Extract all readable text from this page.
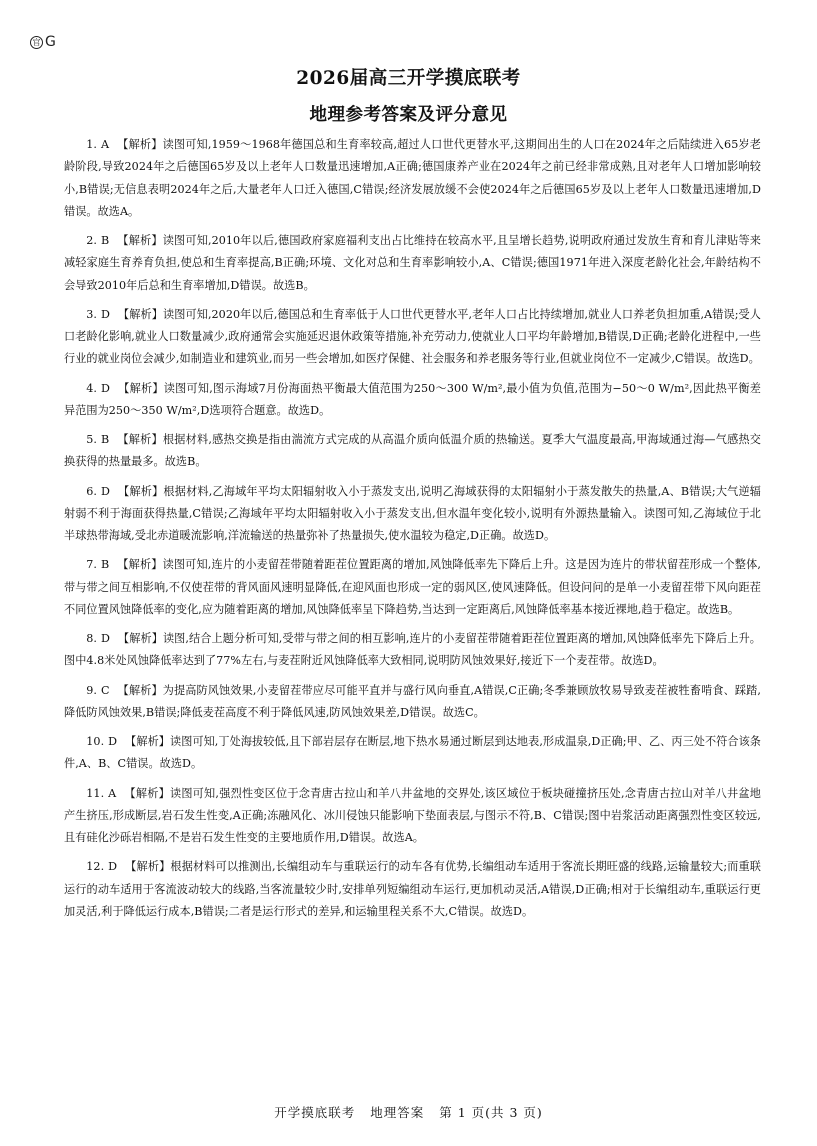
官 G
2026届高三开学摸底联考
地理参考答案及评分意见

1. A 【解析】读图可知,1959～1968年德国总和生育率较高,超过人口世代更替水平,这期间出生的人口在2024年之后陆续进入65岁老龄阶段,导致2024年之后德国65岁及以上老年人口数量迅速增加,A正确;德国康养产业在2024年之前已经非常成熟,且对老年人口增加影响较小,B错误;无信息表明2024年之后,大量老年人口迁入德国,C错误;经济发展放缓不会使2024年之后德国65岁及以上老年人口数量迅速增加,D错误。故选A。

2. B 【解析】读图可知,2010年以后,德国政府家庭福利支出占比维持在较高水平,且呈增长趋势,说明政府通过发放生育和育儿津贴等来减轻家庭生育养育负担,使总和生育率提高,B正确;环境、文化对总和生育率影响较小,A、C错误;德国1971年进入深度老龄化社会,年龄结构不会导致2010年后总和生育率增加,D错误。故选B。

3. D 【解析】读图可知,2020年以后,德国总和生育率低于人口世代更替水平,老年人口占比持续增加,就业人口养老负担加重,A错误;受人口老龄化影响,就业人口数量减少,政府通常会实施延迟退休政策等措施,补充劳动力,使就业人口平均年龄增加,B错误,D正确;老龄化进程中,一些行业的就业岗位会减少,如制造业和建筑业,而另一些会增加,如医疗保健、社会服务和养老服务等行业,但就业岗位不一定减少,C错误。故选D。

4. D 【解析】读图可知,图示海域7月份海面热平衡最大值范围为250～300 W/m²,最小值为负值,范围为−50～0 W/m²,因此热平衡差异范围为250～350 W/m²,D选项符合题意。故选D。

5. B 【解析】根据材料,感热交换是指由湍流方式完成的从高温介质向低温介质的热输送。夏季大气温度最高,甲海域通过海—气感热交换获得的热量最多。故选B。

6. D 【解析】根据材料,乙海域年平均太阳辐射收入小于蒸发支出,说明乙海域获得的太阳辐射小于蒸发散失的热量,A、B错误;大气逆辐射弱不利于海面获得热量,C错误;乙海域年平均太阳辐射收入小于蒸发支出,但水温年变化较小,说明有外源热量输入。读图可知,乙海域位于北半球热带海域,受北赤道暖流影响,洋流输送的热量弥补了热量损失,使水温较为稳定,D正确。故选D。

7. B 【解析】读图可知,连片的小麦留茬带随着距茬位置距离的增加,风蚀降低率先下降后上升。这是因为连片的带状留茬形成一个整体,带与带之间互相影响,不仅使茬带的背风面风速明显降低,在迎风面也形成一定的弱风区,使风速降低。但设问问的是单一小麦留茬带下风向距茬不同位置风蚀降低率的变化,应为随着距离的增加,风蚀降低率呈下降趋势,当达到一定距离后,风蚀降低率基本接近裸地,趋于稳定。故选B。

8. D 【解析】读图,结合上题分析可知,受带与带之间的相互影响,连片的小麦留茬带随着距茬位置距离的增加,风蚀降低率先下降后上升。图中4.8米处风蚀降低率达到了77%左右,与麦茬附近风蚀降低率大致相同,说明防风蚀效果好,接近下一个麦茬带。故选D。

9. C 【解析】为提高防风蚀效果,小麦留茬带应尽可能平直并与盛行风向垂直,A错误,C正确;冬季兼顾放牧易导致麦茬被牲畜啃食、踩踏,降低防风蚀效果,B错误;降低麦茬高度不利于降低风速,防风蚀效果差,D错误。故选C。

10. D 【解析】读图可知,丁处海拔较低,且下部岩层存在断层,地下热水易通过断层到达地表,形成温泉,D正确;甲、乙、丙三处不符合该条件,A、B、C错误。故选D。

11. A 【解析】读图可知,强烈性变区位于念青唐古拉山和羊八井盆地的交界处,该区域位于板块碰撞挤压处,念青唐古拉山对羊八井盆地产生挤压,形成断层,岩石发生性变,A正确;冻融风化、冰川侵蚀只能影响下垫面表层,与图示不符,B、C错误;图中岩浆活动距离强烈性变区较远,且有硅化沙砾岩相隔,不是岩石发生性变的主要地质作用,D错误。故选A。

12. D 【解析】根据材料可以推测出,长编组动车与重联运行的动车各有优势,长编组动车适用于客流长期旺盛的线路,运输量较大;而重联运行的动车适用于客流波动较大的线路,当客流量较少时,安排单列短编组动车运行,更加机动灵活,A错误,D正确;相对于长编组动车,重联运行更加灵活,利于降低运行成本,B错误;二者是运行形式的差异,和运输里程关系不大,C错误。故选D。

开学摸底联考 地理答案 第 1 页(共 3 页)
